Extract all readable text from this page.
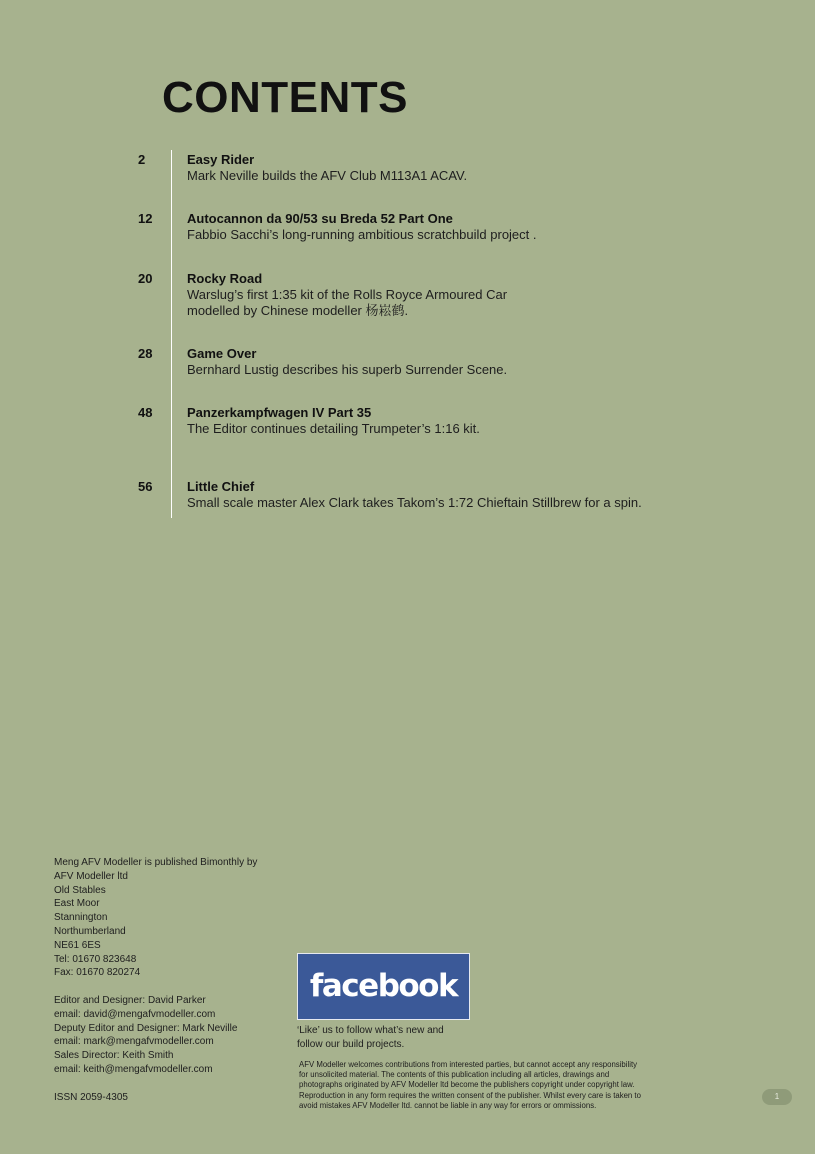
CONTENTS
2	Easy Rider
Mark Neville builds the AFV Club M113A1 ACAV.
12	Autocannon da 90/53 su Breda 52 Part One
Fabbio Sacchi’s long-running ambitious scratchbuild project .
20	Rocky Road
Warslug’s first 1:35 kit of the Rolls Royce Armoured Car
modelled by Chinese modeller 杨崧鹤.
28	Game Over
Bernhard Lustig describes his superb Surrender Scene.
48	Panzerkampfwagen IV Part 35
The Editor continues detailing Trumpeter’s 1:16 kit.
56	Little Chief
Small scale master Alex Clark takes Takom’s 1:72 Chieftain Stillbrew for a spin.
Meng AFV Modeller is published Bimonthly by
AFV Modeller ltd
Old Stables
East Moor
Stannington
Northumberland
NE61 6ES
Tel: 01670 823648
Fax: 01670 820274
Editor and Designer: David Parker
email: david@mengafvmodeller.com
Deputy Editor and Designer: Mark Neville
email: mark@mengafvmodeller.com
Sales Director: Keith Smith
email: keith@mengafvmodeller.com
ISSN 2059-4305
facebook
‘Like’ us to follow what’s new and
follow our build projects.
AFV Modeller welcomes contributions from interested parties, but cannot accept any responsibility
for unsolicited material. The contents of this publication including all articles, drawings and
photographs originated by AFV Modeller ltd become the publishers copyright under copyright law.
Reproduction in any form requires the written consent of the publisher. Whilst every care is taken to
avoid mistakes AFV Modeller ltd. cannot be liable in any way for errors or ommissions.
1
